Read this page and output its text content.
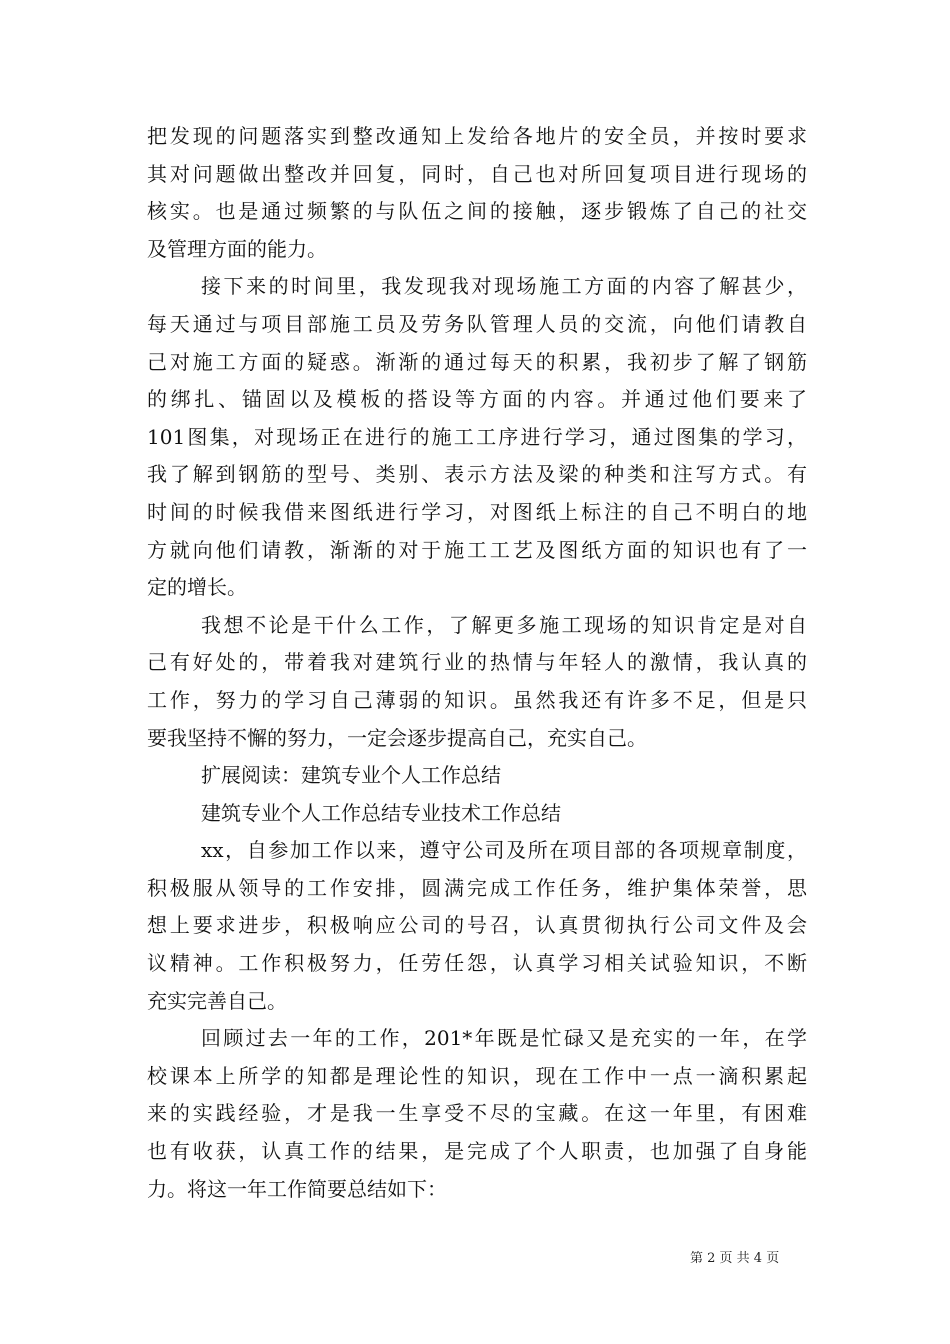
把发现的问题落实到整改通知上发给各地片的安全员，并按时要求
其对问题做出整改并回复，同时，自己也对所回复项目进行现场的
核实。也是通过频繁的与队伍之间的接触，逐步锻炼了自己的社交
及管理方面的能力。
接下来的时间里，我发现我对现场施工方面的内容了解甚少，
每天通过与项目部施工员及劳务队管理人员的交流，向他们请教自
己对施工方面的疑惑。渐渐的通过每天的积累，我初步了解了钢筋
的绑扎、锚固以及模板的搭设等方面的内容。并通过他们要来了
101图集，对现场正在进行的施工工序进行学习，通过图集的学习，
我了解到钢筋的型号、类别、表示方法及梁的种类和注写方式。有
时间的时候我借来图纸进行学习，对图纸上标注的自己不明白的地
方就向他们请教，渐渐的对于施工工艺及图纸方面的知识也有了一
定的增长。
我想不论是干什么工作，了解更多施工现场的知识肯定是对自
己有好处的，带着我对建筑行业的热情与年轻人的激情，我认真的
工作，努力的学习自己薄弱的知识。虽然我还有许多不足，但是只
要我坚持不懈的努力，一定会逐步提高自己，充实自己。
扩展阅读：建筑专业个人工作总结
建筑专业个人工作总结专业技术工作总结
xx，自参加工作以来，遵守公司及所在项目部的各项规章制度，
积极服从领导的工作安排，圆满完成工作任务，维护集体荣誉，思
想上要求进步，积极响应公司的号召，认真贯彻执行公司文件及会
议精神。工作积极努力，任劳任怨，认真学习相关试验知识，不断
充实完善自己。
回顾过去一年的工作，201*年既是忙碌又是充实的一年，在学
校课本上所学的知都是理论性的知识，现在工作中一点一滴积累起
来的实践经验，才是我一生享受不尽的宝藏。在这一年里，有困难
也有收获，认真工作的结果，是完成了个人职责，也加强了自身能
力。将这一年工作简要总结如下：
第 2 页 共 4 页
